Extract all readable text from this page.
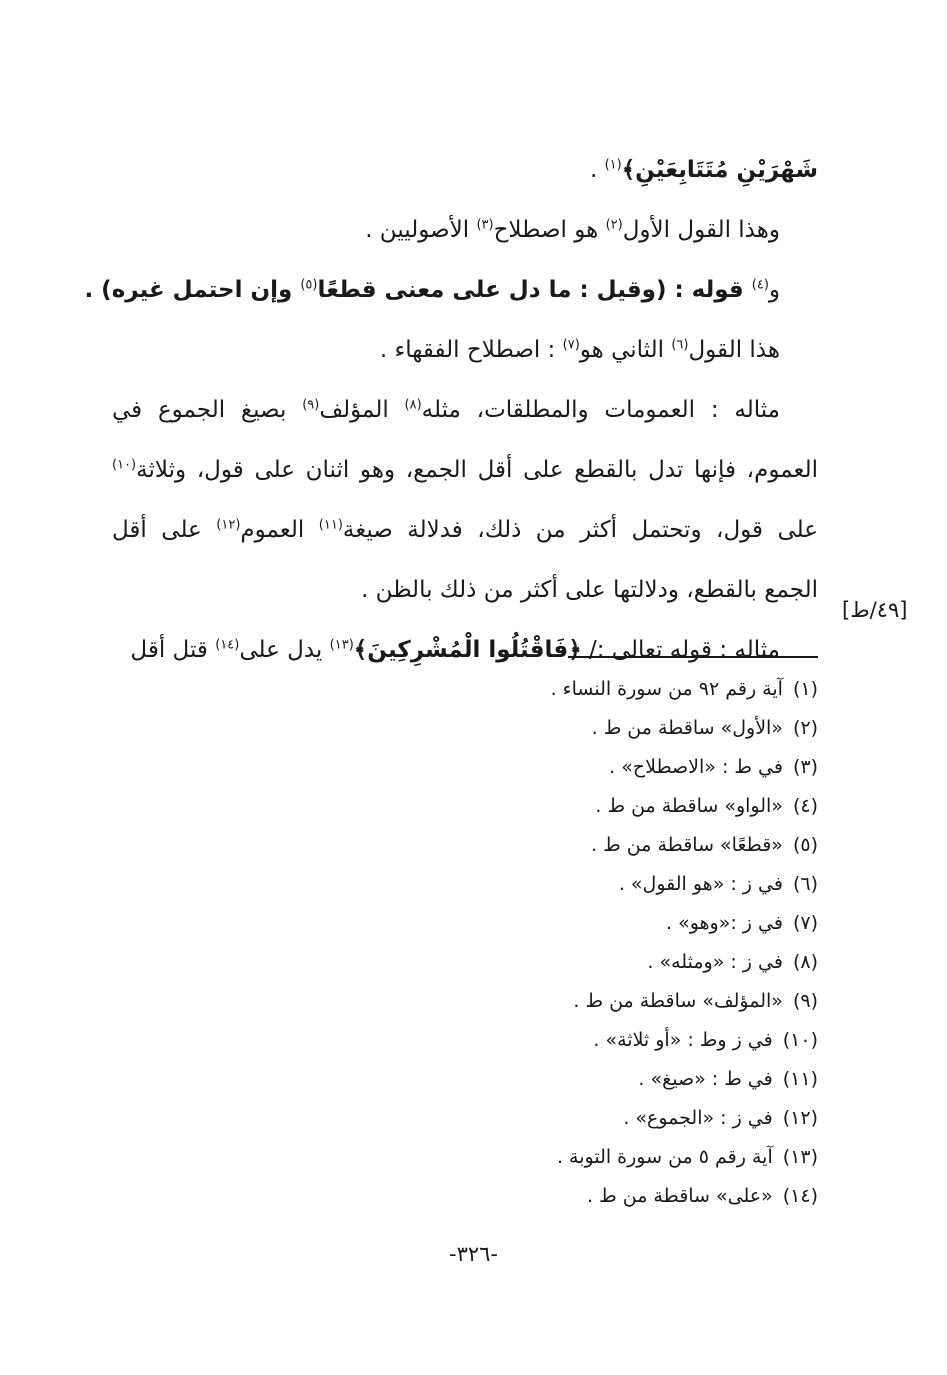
شَهْرَيْنِ مُتَتَابِعَيْنِ﴾$^{(١)}$ .
وهذا القول الأول$^{(٢)}$ هو اصطلاح$^{(٣)}$ الأصوليين .
و$^{(٤)}$ قوله : (وقيل : ما دل على معنى قطعًا$^{(٥)}$ وإن احتمل غيره) .
هذا القول$^{(٦)}$ الثاني هو$^{(٧)}$ : اصطلاح الفقهاء .
مثاله : العمومات والمطلقات، مثله$^{(٨)}$ المؤلف$^{(٩)}$ بصيغ الجموع في
العموم، فإنها تدل بالقطع على أقل الجمع، وهو اثنان على قول، وثلاثة$^{(١٠)}$
على قول، وتحتمل أكثر من ذلك، فدلالة صيغة$^{(١١)}$ العموم$^{(١٢)}$ على أقل
الجمع بالقطع، ودلالتها على أكثر من ذلك بالظن .
مثاله : قوله تعالى :/ ﴿فَاقْتُلُوا الْمُشْرِكِينَ﴾$^{(١٣)}$ يدل على$^{(١٤)}$ قتل أقل
[٤٩/ط]
(١)آية رقم ٩٢ من سورة النساء .
(٢)«الأول» ساقطة من ط .
(٣)في ط : «الاصطلاح» .
(٤)«الواو» ساقطة من ط .
(٥)«قطعًا» ساقطة من ط .
(٦)في ز : «هو القول» .
(٧)في ز :«وهو» .
(٨)في ز : «ومثله» .
(٩)«المؤلف» ساقطة من ط .
(١٠)في ز وط : «أو ثلاثة» .
(١١)في ط : «صيغ» .
(١٢)في ز : «الجموع» .
(١٣)آية رقم ٥ من سورة التوبة .
(١٤)«على» ساقطة من ط .
-٣٢٦-
